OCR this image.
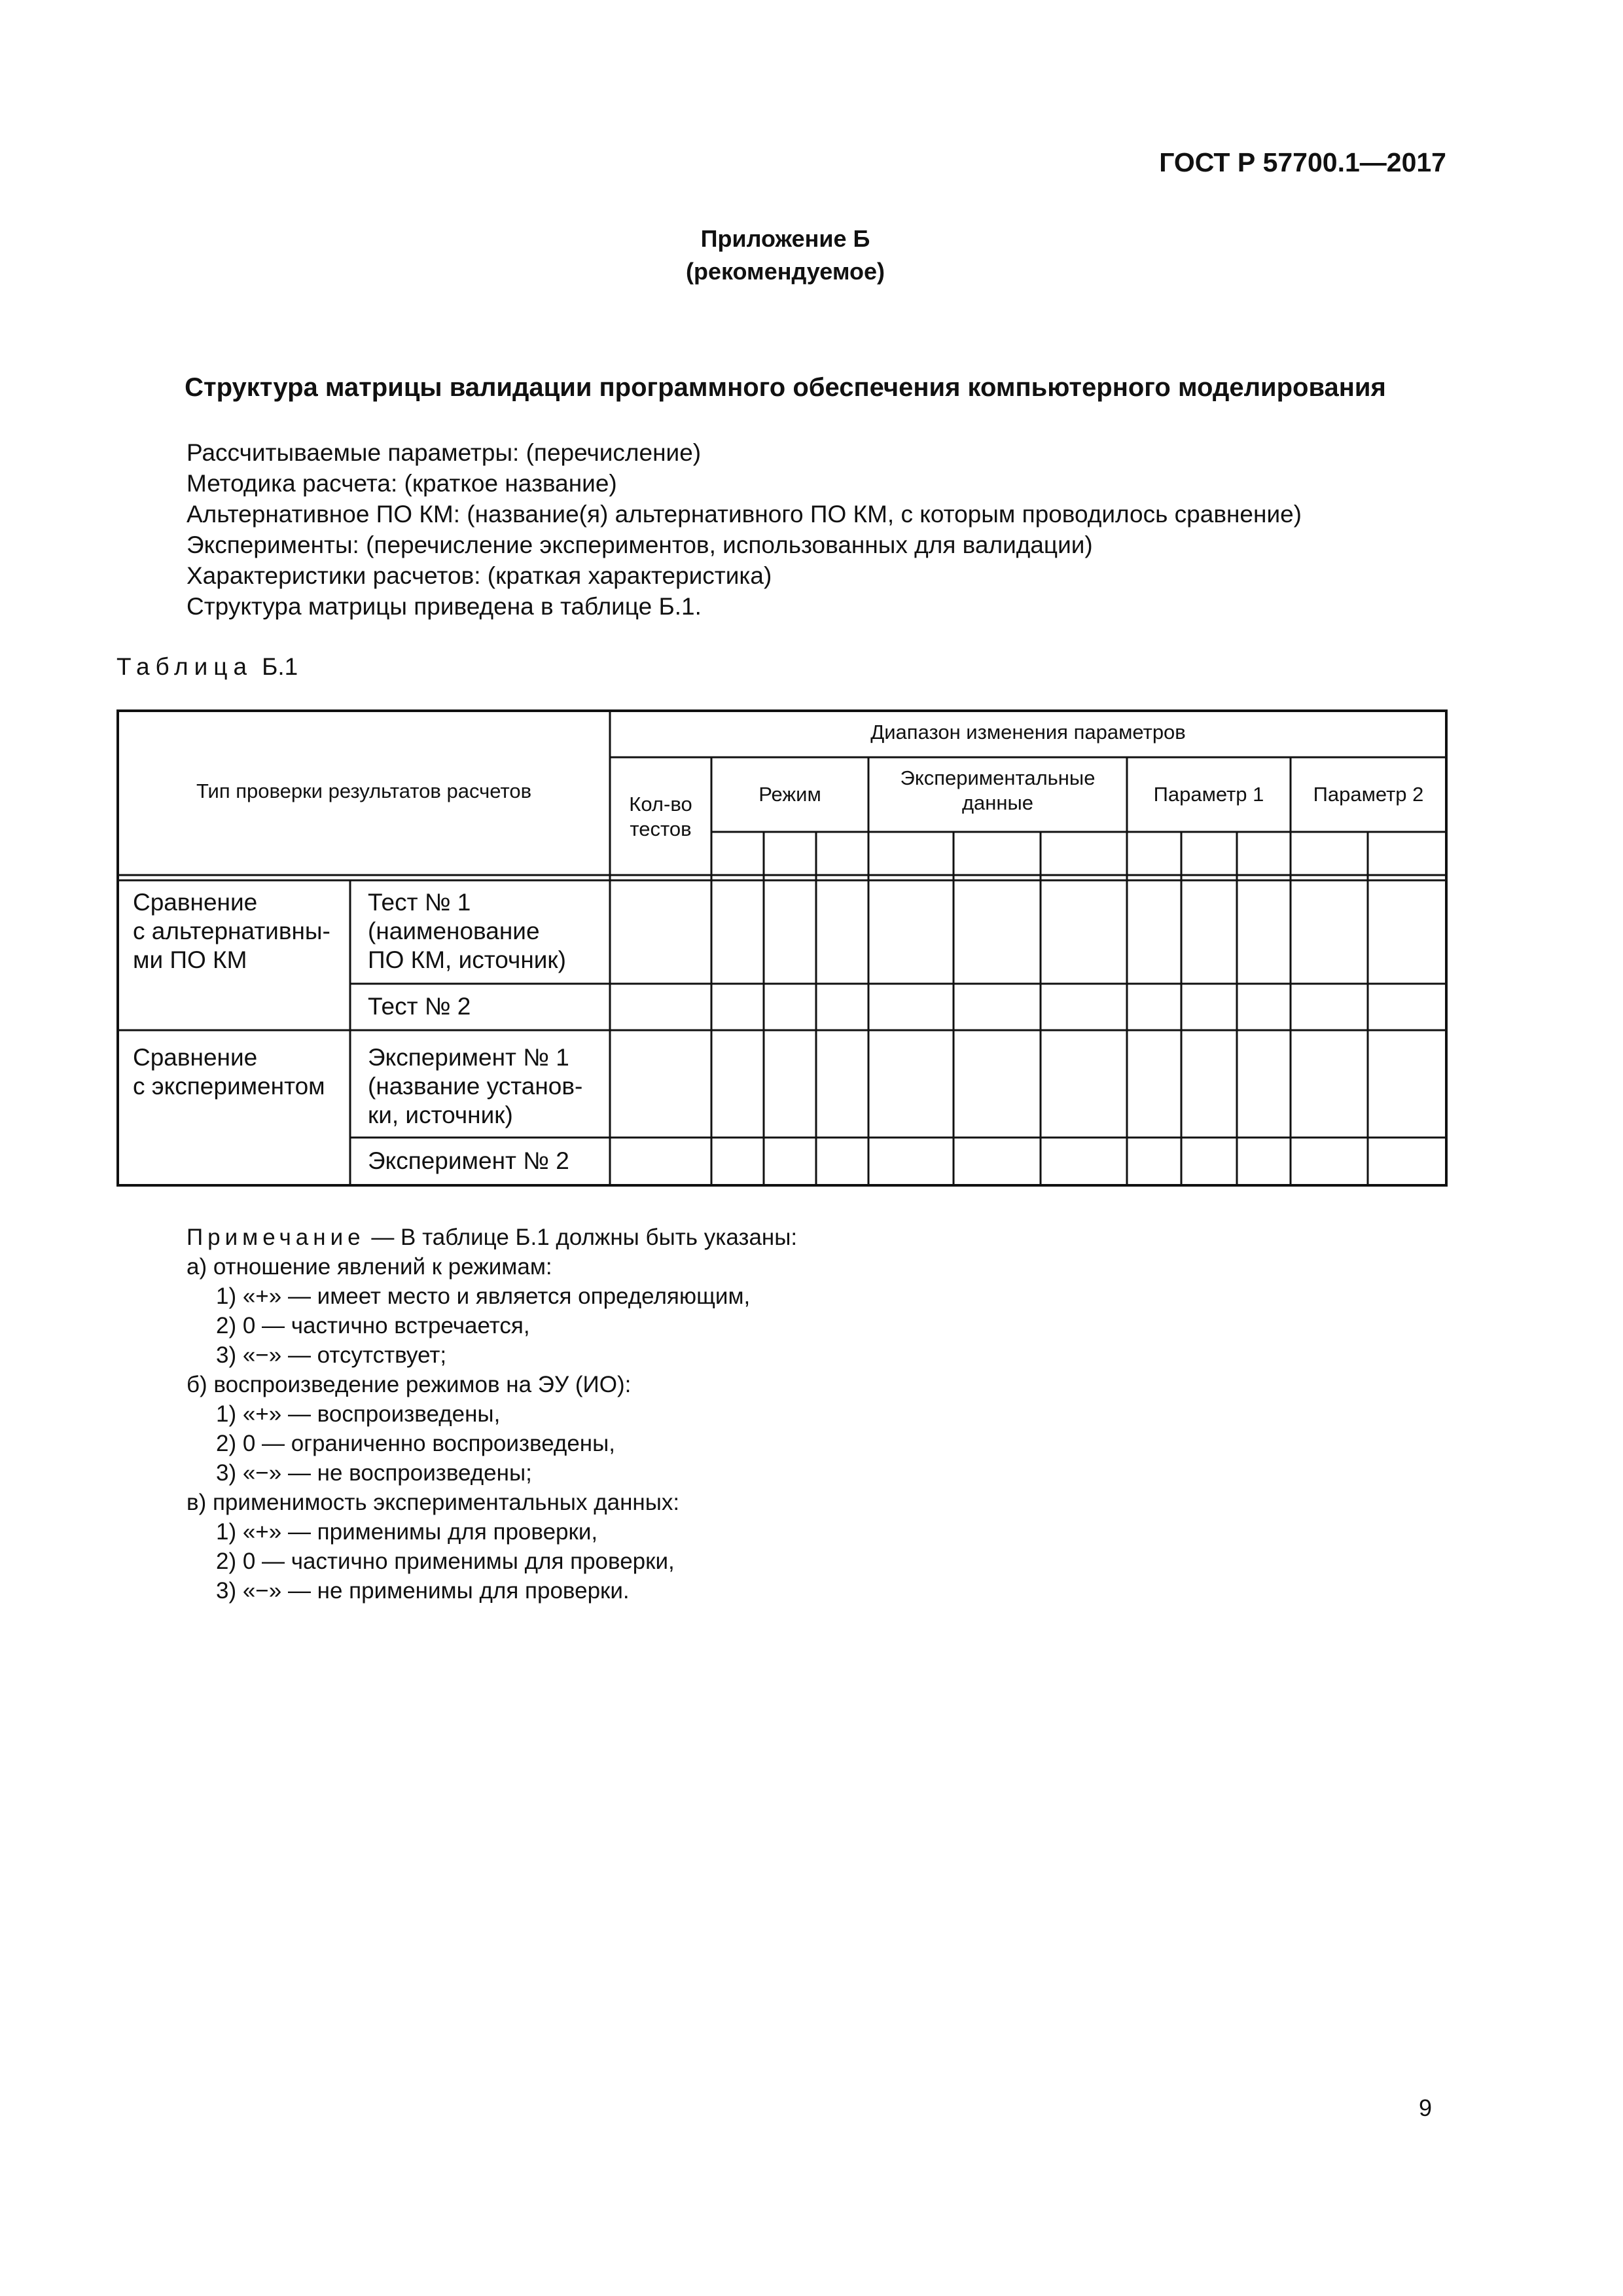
ГОСТ Р 57700.1—2017
Приложение Б
(рекомендуемое)
Структура матрицы валидации программного обеспечения компьютерного моделирования
Рассчитываемые параметры: (перечисление)
Методика расчета: (краткое название)
Альтернативное ПО КМ: (название(я) альтернативного ПО КМ, с которым проводилось сравнение)
Эксперименты: (перечисление экспериментов, использованных для валидации)
Характеристики расчетов: (краткая характеристика)
Структура матрицы приведена в таблице Б.1.
Таблица Б.1
Тип проверки результатов расчетов
Диапазон изменения параметров
Кол-во
тестов
Режим
Экспериментальные
данные	Параметр 1	Параметр 2
Сравнение
с альтернативны-
ми ПО КМ
Тест № 1
(наименование
ПО КМ, источник)
Тест № 2
Сравнение
с экспериментом
Эксперимент № 1
(название установ-
ки, источник)
Эксперимент № 2
Примечание — В таблице Б.1 должны быть указаны:
а) отношение явлений к режимам:
1) «+» — имеет место и является определяющим,
2) 0 — частично встречается,
3) «−» — отсутствует;
б) воспроизведение режимов на ЭУ (ИО):
1) «+» — воспроизведены,
2) 0 — ограниченно воспроизведены,
3) «−» — не воспроизведены;
в) применимость экспериментальных данных:
1) «+» — применимы для проверки,
2) 0 — частично применимы для проверки,
3) «−» — не применимы для проверки.
9
